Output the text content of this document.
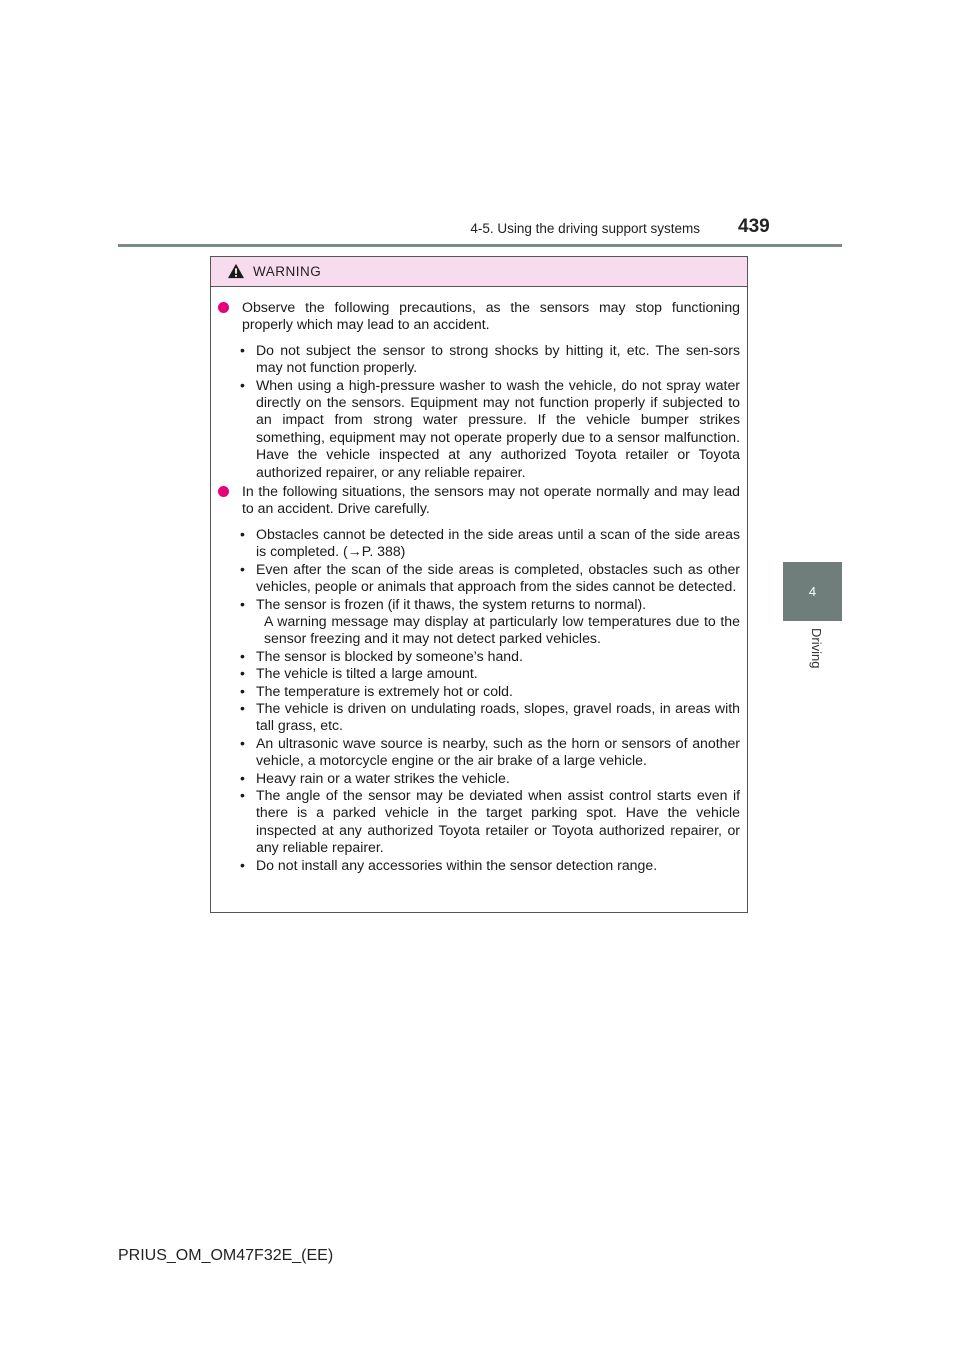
4-5. Using the driving support systems 439
4
Driving
WARNING
Observe the following precautions, as the sensors may stop functioning properly which may lead to an accident.
• Do not subject the sensor to strong shocks by hitting it, etc. The sen-sors may not function properly.
• When using a high-pressure washer to wash the vehicle, do not spray water directly on the sensors. Equipment may not function properly if subjected to an impact from strong water pressure. If the vehicle bumper strikes something, equipment may not operate properly due to a sensor malfunction. Have the vehicle inspected at any authorized Toyota retailer or Toyota authorized repairer, or any reliable repairer.
In the following situations, the sensors may not operate normally and may lead to an accident. Drive carefully.
• Obstacles cannot be detected in the side areas until a scan of the side areas is completed. (→P. 388)
• Even after the scan of the side areas is completed, obstacles such as other vehicles, people or animals that approach from the sides cannot be detected.
• The sensor is frozen (if it thaws, the system returns to normal).
A warning message may display at particularly low temperatures due to the sensor freezing and it may not detect parked vehicles.
• The sensor is blocked by someone’s hand.
• The vehicle is tilted a large amount.
• The temperature is extremely hot or cold.
• The vehicle is driven on undulating roads, slopes, gravel roads, in areas with tall grass, etc.
• An ultrasonic wave source is nearby, such as the horn or sensors of another vehicle, a motorcycle engine or the air brake of a large vehicle.
• Heavy rain or a water strikes the vehicle.
• The angle of the sensor may be deviated when assist control starts even if there is a parked vehicle in the target parking spot. Have the vehicle inspected at any authorized Toyota retailer or Toyota authorized repairer, or any reliable repairer.
• Do not install any accessories within the sensor detection range.
PRIUS_OM_OM47F32E_(EE)
